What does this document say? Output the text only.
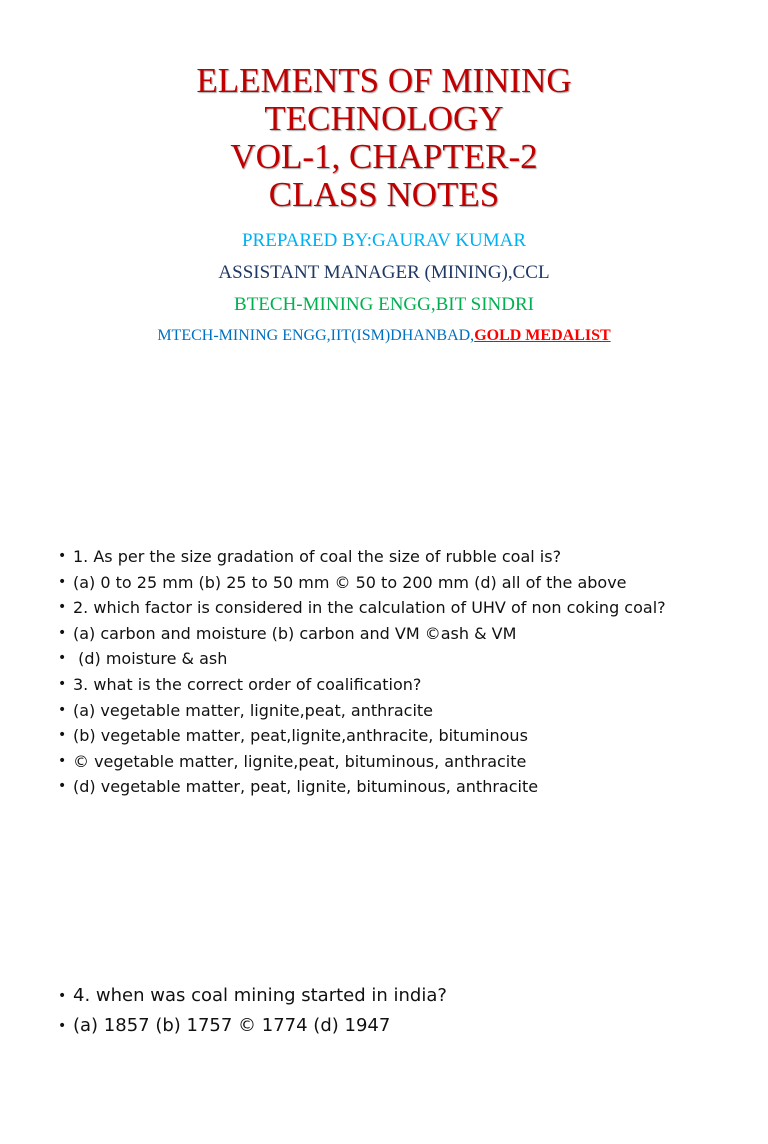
ELEMENTS OF MINING
TECHNOLOGY
VOL-1, CHAPTER-2
CLASS NOTES
PREPARED BY:GAURAV KUMAR
ASSISTANT MANAGER (MINING),CCL
BTECH-MINING ENGG,BIT SINDRI
MTECH-MINING ENGG,IIT(ISM)DHANBAD,GOLD MEDALIST
• 1. As per the size gradation of coal the size of rubble coal is?
• (a) 0 to 25 mm (b) 25 to 50 mm © 50 to 200 mm (d) all of the above
• 2. which factor is considered in the calculation of UHV of non coking coal?
• (a) carbon and moisture (b) carbon and VM ©ash & VM
• (d) moisture & ash
• 3. what is the correct order of coalification?
• (a) vegetable matter, lignite,peat, anthracite
• (b) vegetable matter, peat,lignite,anthracite, bituminous
• © vegetable matter, lignite,peat, bituminous, anthracite
• (d) vegetable matter, peat, lignite, bituminous, anthracite
• 4. when was coal mining started in india?
• (a) 1857 (b) 1757 © 1774 (d) 1947
